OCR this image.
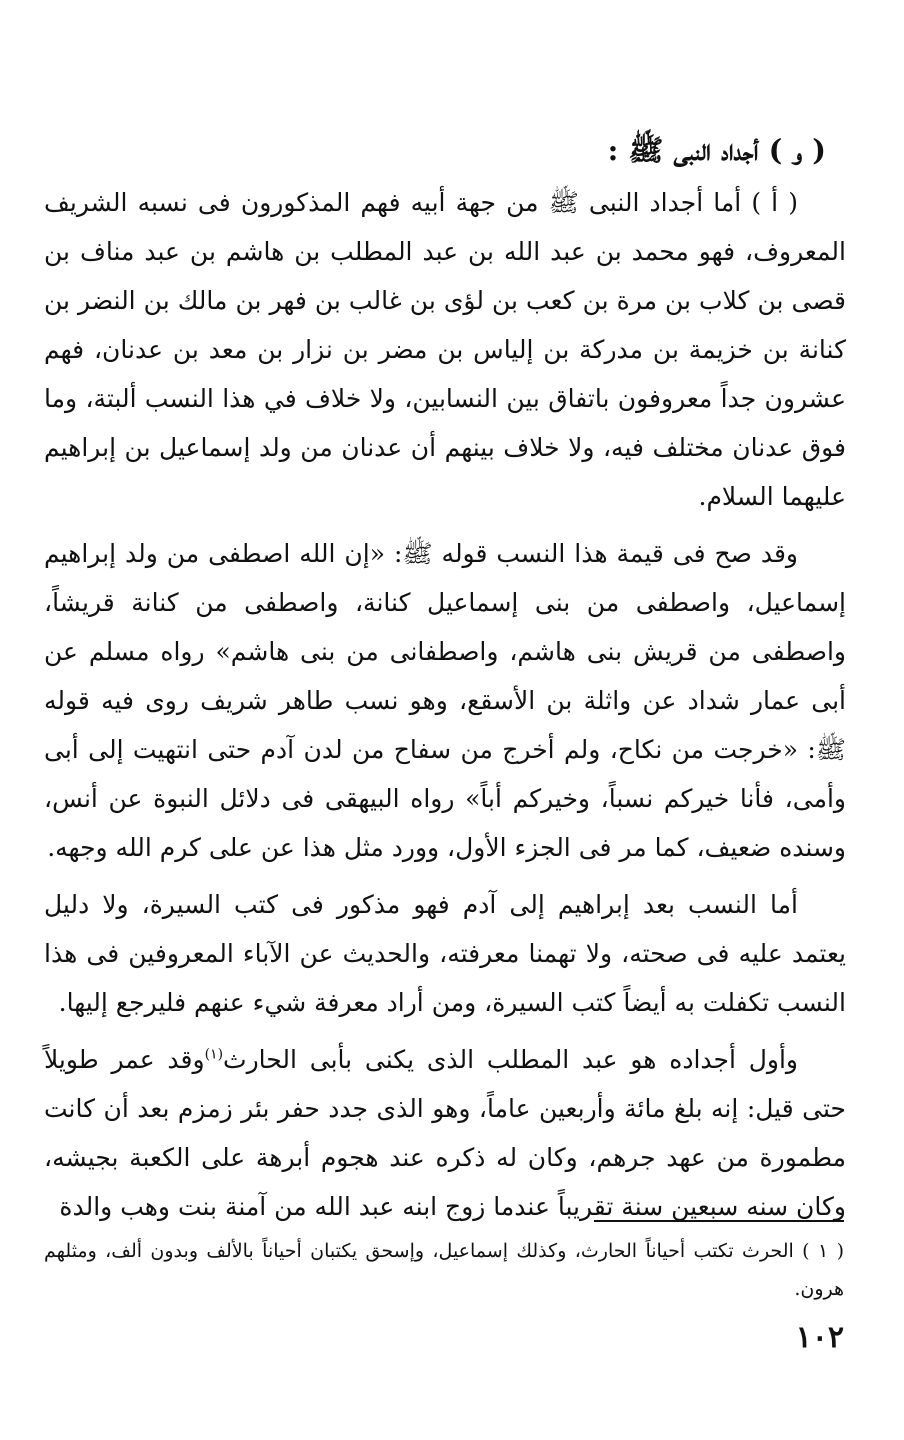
( و ) أجداد النبى ﷺ :

( أ ) أما أجداد النبى ﷺ من جهة أبيه فهم المذكورون فى نسبه الشريف المعروف، فهو محمد بن عبد الله بن عبد المطلب بن هاشم بن عبد مناف بن قصى بن كلاب بن مرة بن كعب بن لؤى بن غالب بن فهر بن مالك بن النضر بن كنانة بن خزيمة بن مدركة بن إلياس بن مضر بن نزار بن معد بن عدنان، فهم عشرون جداً معروفون باتفاق بين النسابين، ولا خلاف في هذا النسب ألبتة، وما فوق عدنان مختلف فيه، ولا خلاف بينهم أن عدنان من ولد إسماعيل بن إبراهيم عليهما السلام.

وقد صح فى قيمة هذا النسب قوله ﷺ: «إن الله اصطفى من ولد إبراهيم إسماعيل، واصطفى من بنى إسماعيل كنانة، واصطفى من كنانة قريشاً، واصطفى من قريش بنى هاشم، واصطفانى من بنى هاشم» رواه مسلم عن أبى عمار شداد عن واثلة بن الأسقع، وهو نسب طاهر شريف روى فيه قوله ﷺ: «خرجت من نكاح، ولم أخرج من سفاح من لدن آدم حتى انتهيت إلى أبى وأمى، فأنا خيركم نسباً، وخيركم أباً» رواه البيهقى فى دلائل النبوة عن أنس، وسنده ضعيف، كما مر فى الجزء الأول، وورد مثل هذا عن على كرم الله وجهه.

أما النسب بعد إبراهيم إلى آدم فهو مذكور فى كتب السيرة، ولا دليل يعتمد عليه فى صحته، ولا تهمنا معرفته، والحديث عن الآباء المعروفين فى هذا النسب تكفلت به أيضاً كتب السيرة، ومن أراد معرفة شيء عنهم فليرجع إليها.

وأول أجداده هو عبد المطلب الذى يكنى بأبى الحارث$^{(١)}$وقد عمر طويلاً حتى قيل: إنه بلغ مائة وأربعين عاماً، وهو الذى جدد حفر بئر زمزم بعد أن كانت مطمورة من عهد جرهم، وكان له ذكره عند هجوم أبرهة على الكعبة بجيشه، وكان سنه سبعين سنة تقريباً عندما زوج ابنه عبد الله من آمنة بنت وهب والدة

( ١ ) الحرث تكتب أحياناً الحارث، وكذلك إسماعيل، وإسحق يكتبان أحياناً بالألف وبدون ألف، ومثلهم هرون.
١٠٢
